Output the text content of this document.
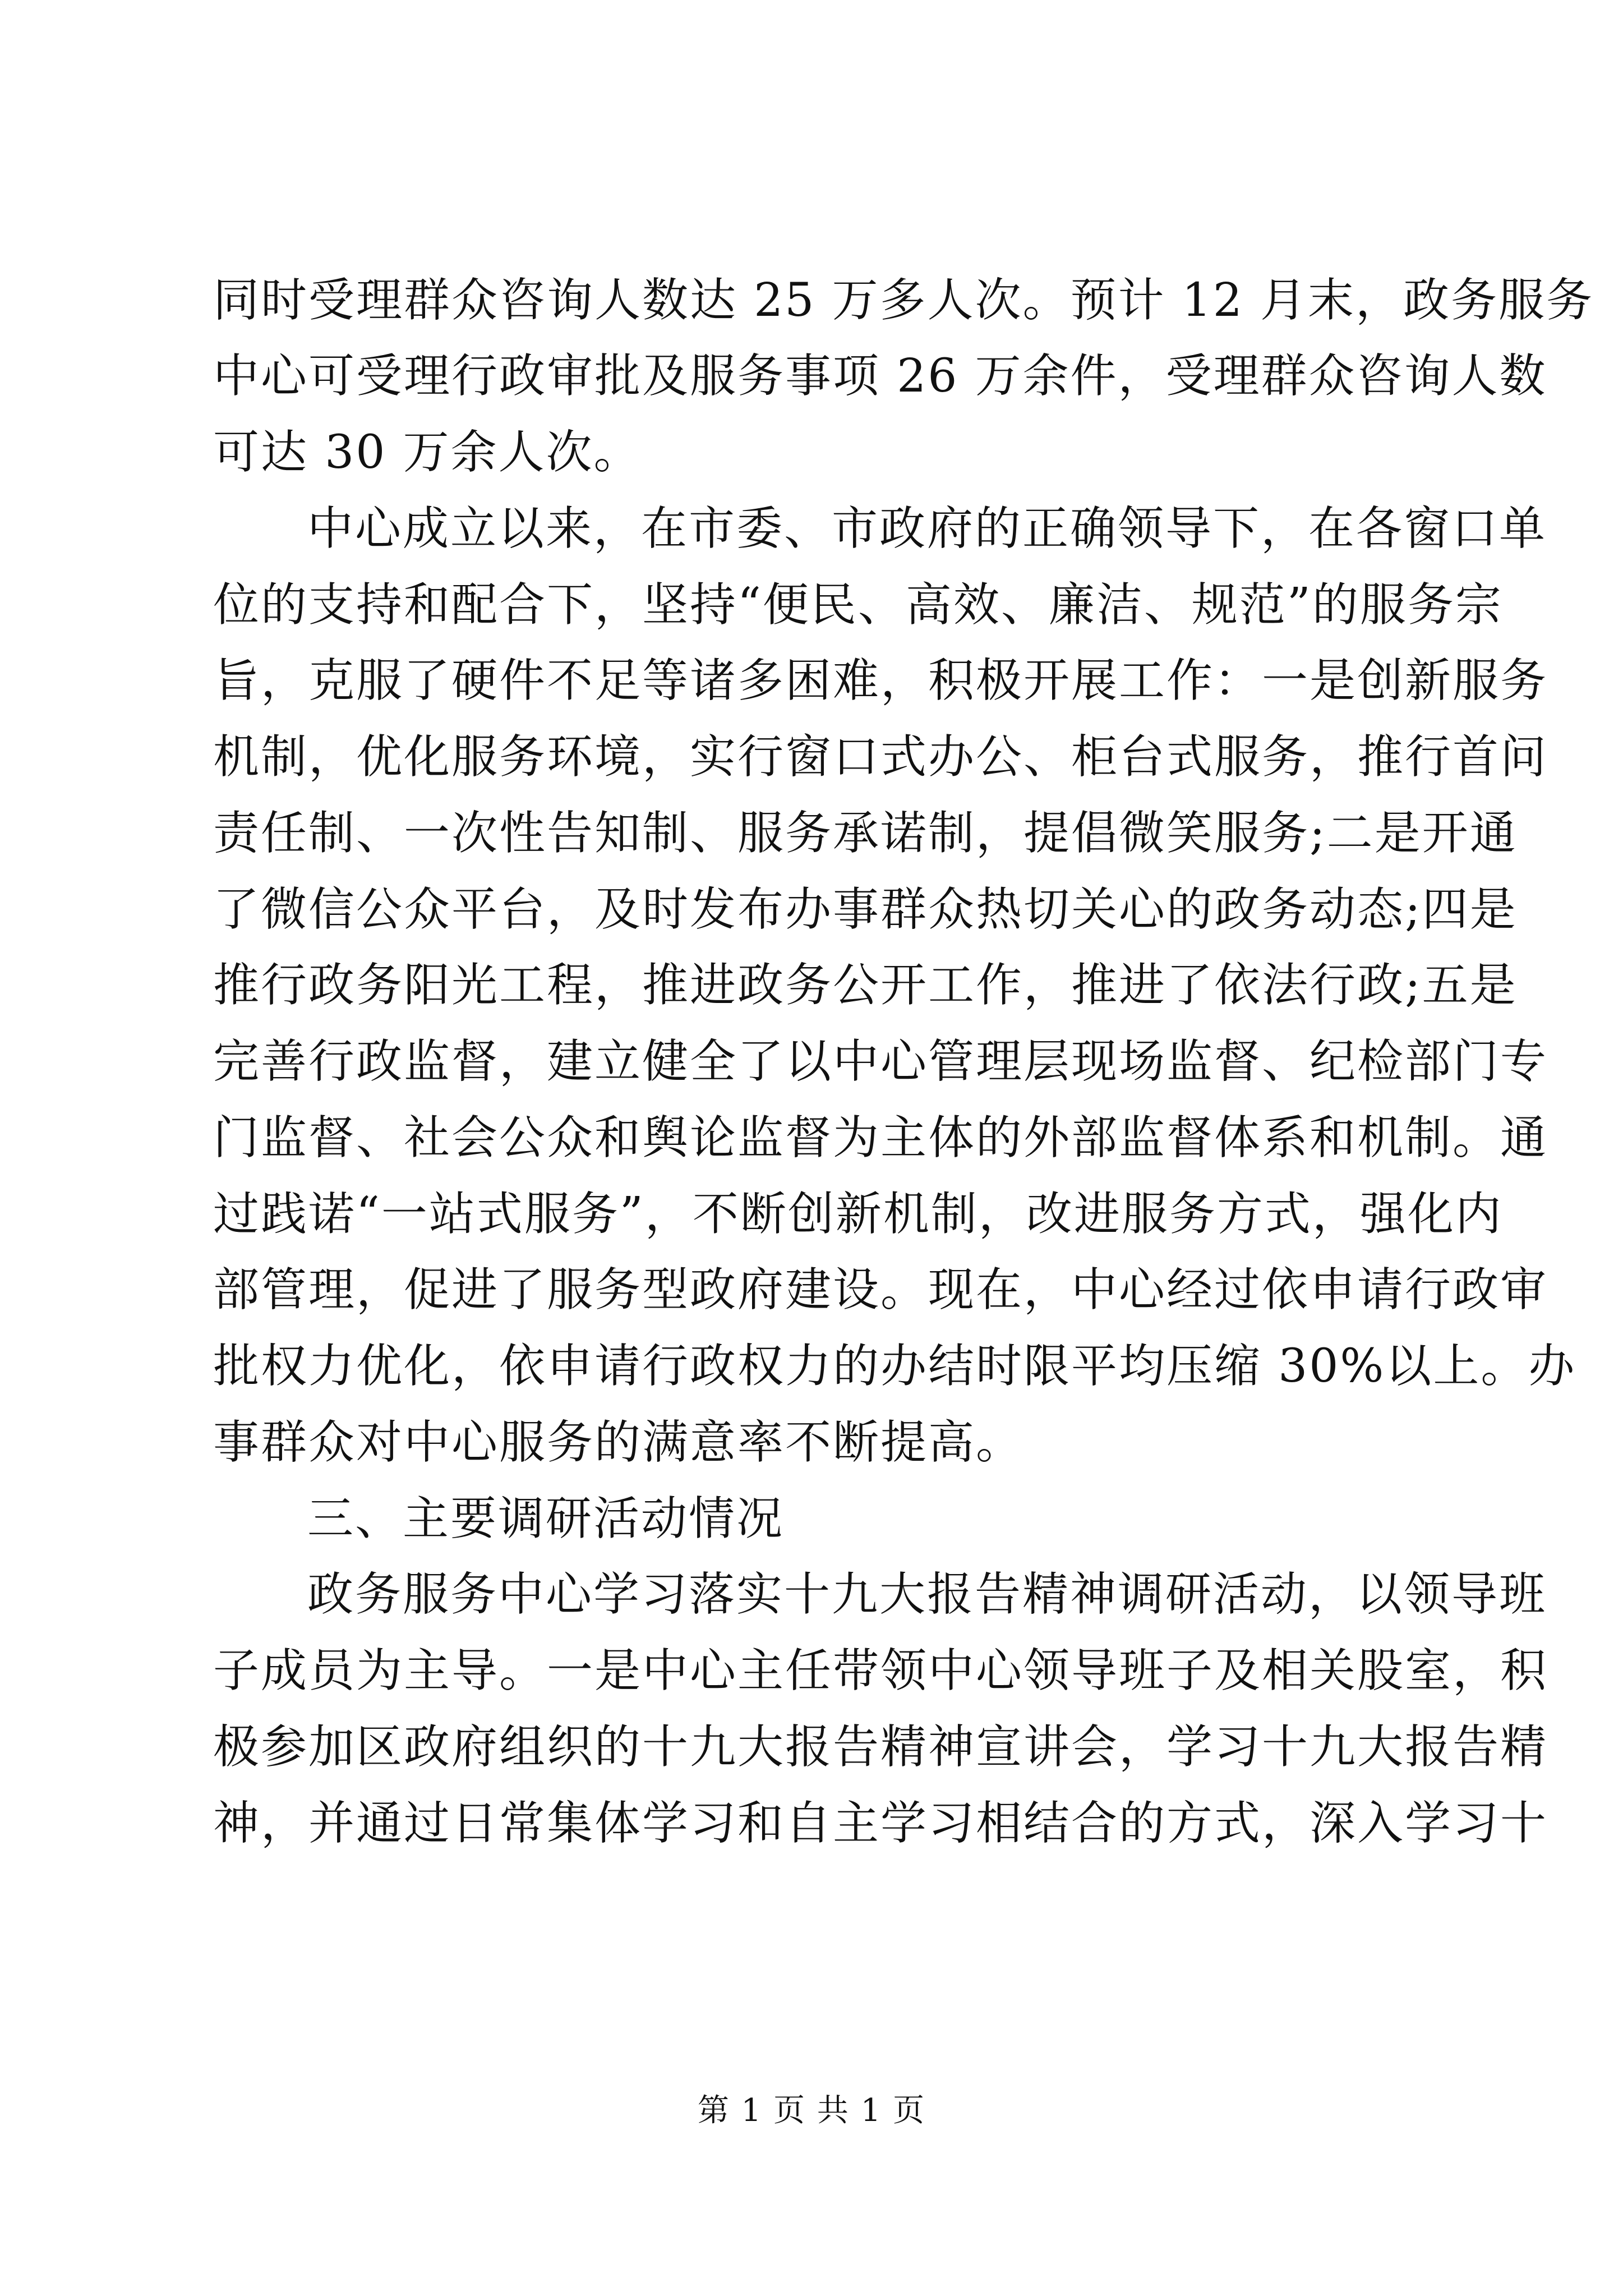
同时受理群众咨询人数达 25 万多人次。预计 12 月末，政务服务
中心可受理行政审批及服务事项 26 万余件，受理群众咨询人数
可达 30 万余人次。
中心成立以来，在市委、市政府的正确领导下，在各窗口单
位的支持和配合下，坚持“便民、高效、廉洁、规范”的服务宗
旨，克服了硬件不足等诸多困难，积极开展工作：一是创新服务
机制，优化服务环境，实行窗口式办公、柜台式服务，推行首问
责任制、一次性告知制、服务承诺制，提倡微笑服务;二是开通
了微信公众平台，及时发布办事群众热切关心的政务动态;四是
推行政务阳光工程，推进政务公开工作，推进了依法行政;五是
完善行政监督，建立健全了以中心管理层现场监督、纪检部门专
门监督、社会公众和舆论监督为主体的外部监督体系和机制。通
过践诺“一站式服务”，不断创新机制，改进服务方式，强化内
部管理，促进了服务型政府建设。现在，中心经过依申请行政审
批权力优化，依申请行政权力的办结时限平均压缩 30%以上。办
事群众对中心服务的满意率不断提高。
三、主要调研活动情况
政务服务中心学习落实十九大报告精神调研活动，以领导班
子成员为主导。一是中心主任带领中心领导班子及相关股室，积
极参加区政府组织的十九大报告精神宣讲会，学习十九大报告精
神，并通过日常集体学习和自主学习相结合的方式，深入学习十
第 1 页 共 1 页
